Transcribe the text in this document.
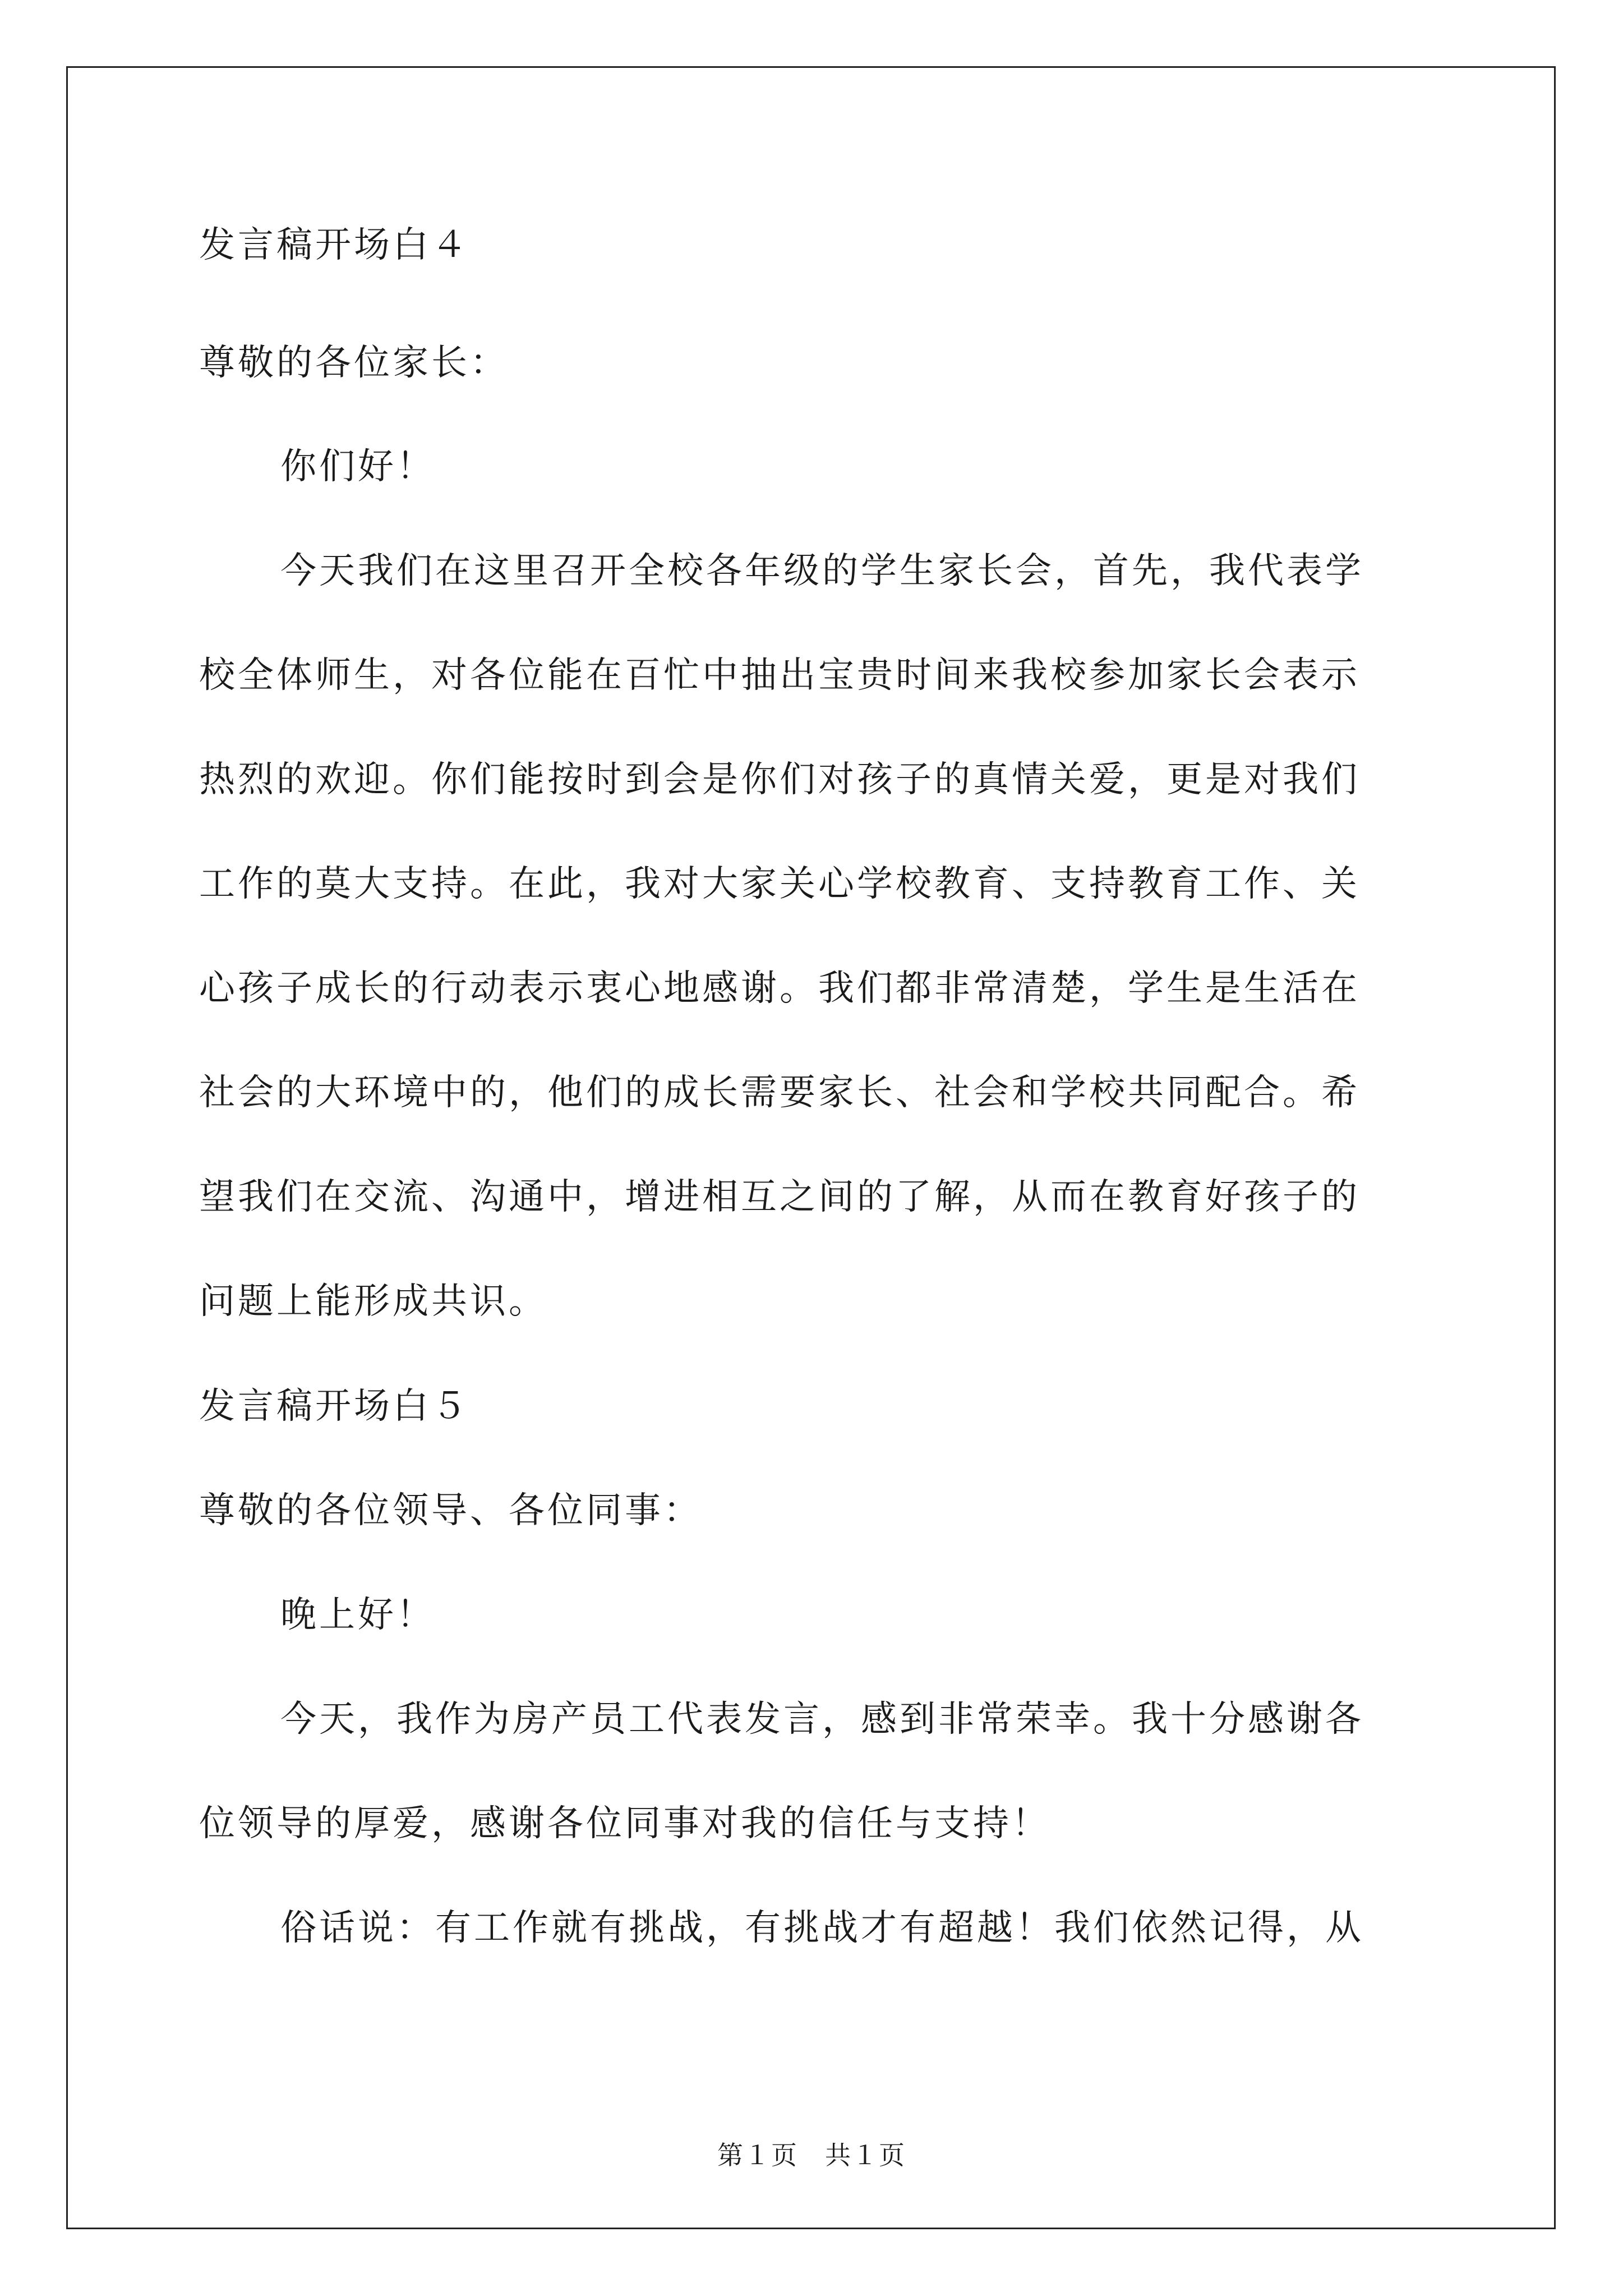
发言稿开场白４
尊敬的各位家长：
你们好！
今天我们在这里召开全校各年级的学生家长会，首先，我代表学
校全体师生，对各位能在百忙中抽出宝贵时间来我校参加家长会表示
热烈的欢迎。你们能按时到会是你们对孩子的真情关爱，更是对我们
工作的莫大支持。在此，我对大家关心学校教育、支持教育工作、关
心孩子成长的行动表示衷心地感谢。我们都非常清楚，学生是生活在
社会的大环境中的，他们的成长需要家长、社会和学校共同配合。希
望我们在交流、沟通中，增进相互之间的了解，从而在教育好孩子的
问题上能形成共识。
发言稿开场白５
尊敬的各位领导、各位同事：
晚上好！
今天，我作为房产员工代表发言，感到非常荣幸。我十分感谢各
位领导的厚爱，感谢各位同事对我的信任与支持！
俗话说：有工作就有挑战，有挑战才有超越！我们依然记得，从
第１页　共１页
